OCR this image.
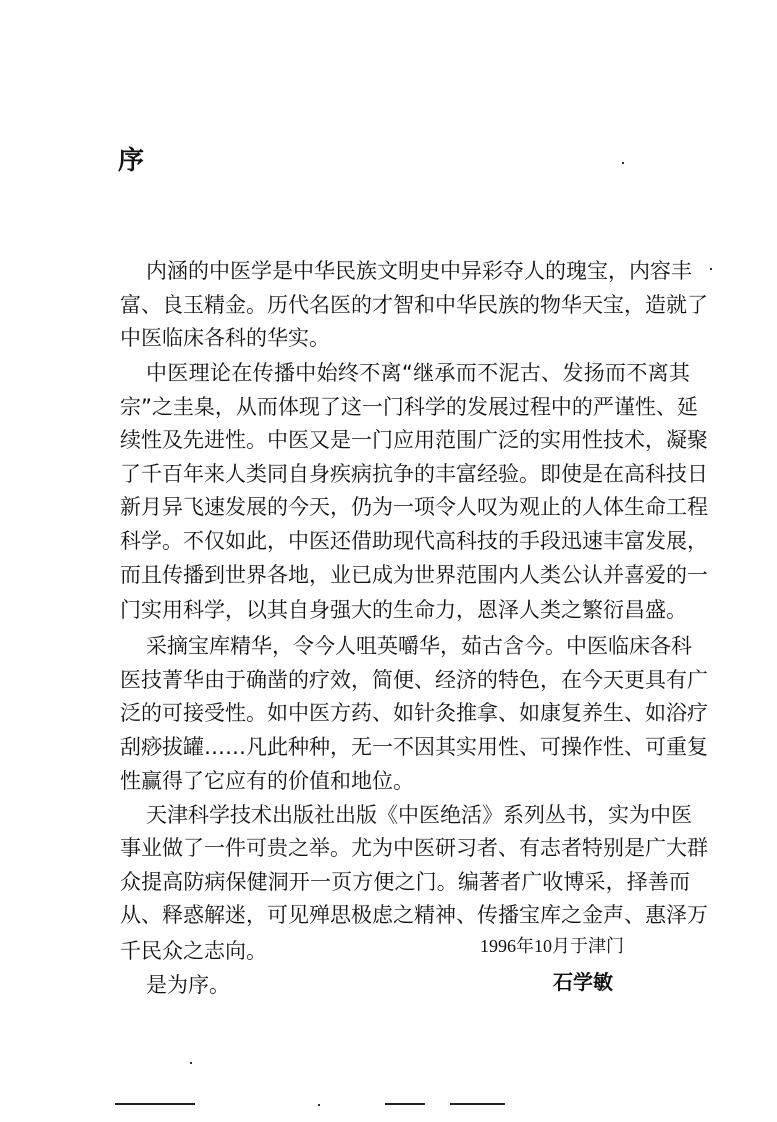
序
内涵的中医学是中华民族文明史中异彩夺人的瑰宝，内容丰
富、良玉精金。历代名医的才智和中华民族的物华天宝，造就了
中医临床各科的华实。
中医理论在传播中始终不离“继承而不泥古、发扬而不离其
宗”之圭臬，从而体现了这一门科学的发展过程中的严谨性、延
续性及先进性。中医又是一门应用范围广泛的实用性技术，凝聚
了千百年来人类同自身疾病抗争的丰富经验。即使是在高科技日
新月异飞速发展的今天，仍为一项令人叹为观止的人体生命工程
科学。不仅如此，中医还借助现代高科技的手段迅速丰富发展，
而且传播到世界各地，业已成为世界范围内人类公认并喜爱的一
门实用科学，以其自身强大的生命力，恩泽人类之繁衍昌盛。
采摘宝库精华，令今人咀英嚼华，茹古含今。中医临床各科
医技菁华由于确凿的疗效，简便、经济的特色，在今天更具有广
泛的可接受性。如中医方药、如针灸推拿、如康复养生、如浴疗
刮痧拔罐……凡此种种，无一不因其实用性、可操作性、可重复
性赢得了它应有的价值和地位。
天津科学技术出版社出版《中医绝活》系列丛书，实为中医
事业做了一件可贵之举。尤为中医研习者、有志者特别是广大群
众提高防病保健洞开一页方便之门。编著者广收博采，择善而
从、释惑解迷，可见殚思极虑之精神、传播宝库之金声、惠泽万
千民众之志向。
是为序。
1996年10月于津门
石学敏
